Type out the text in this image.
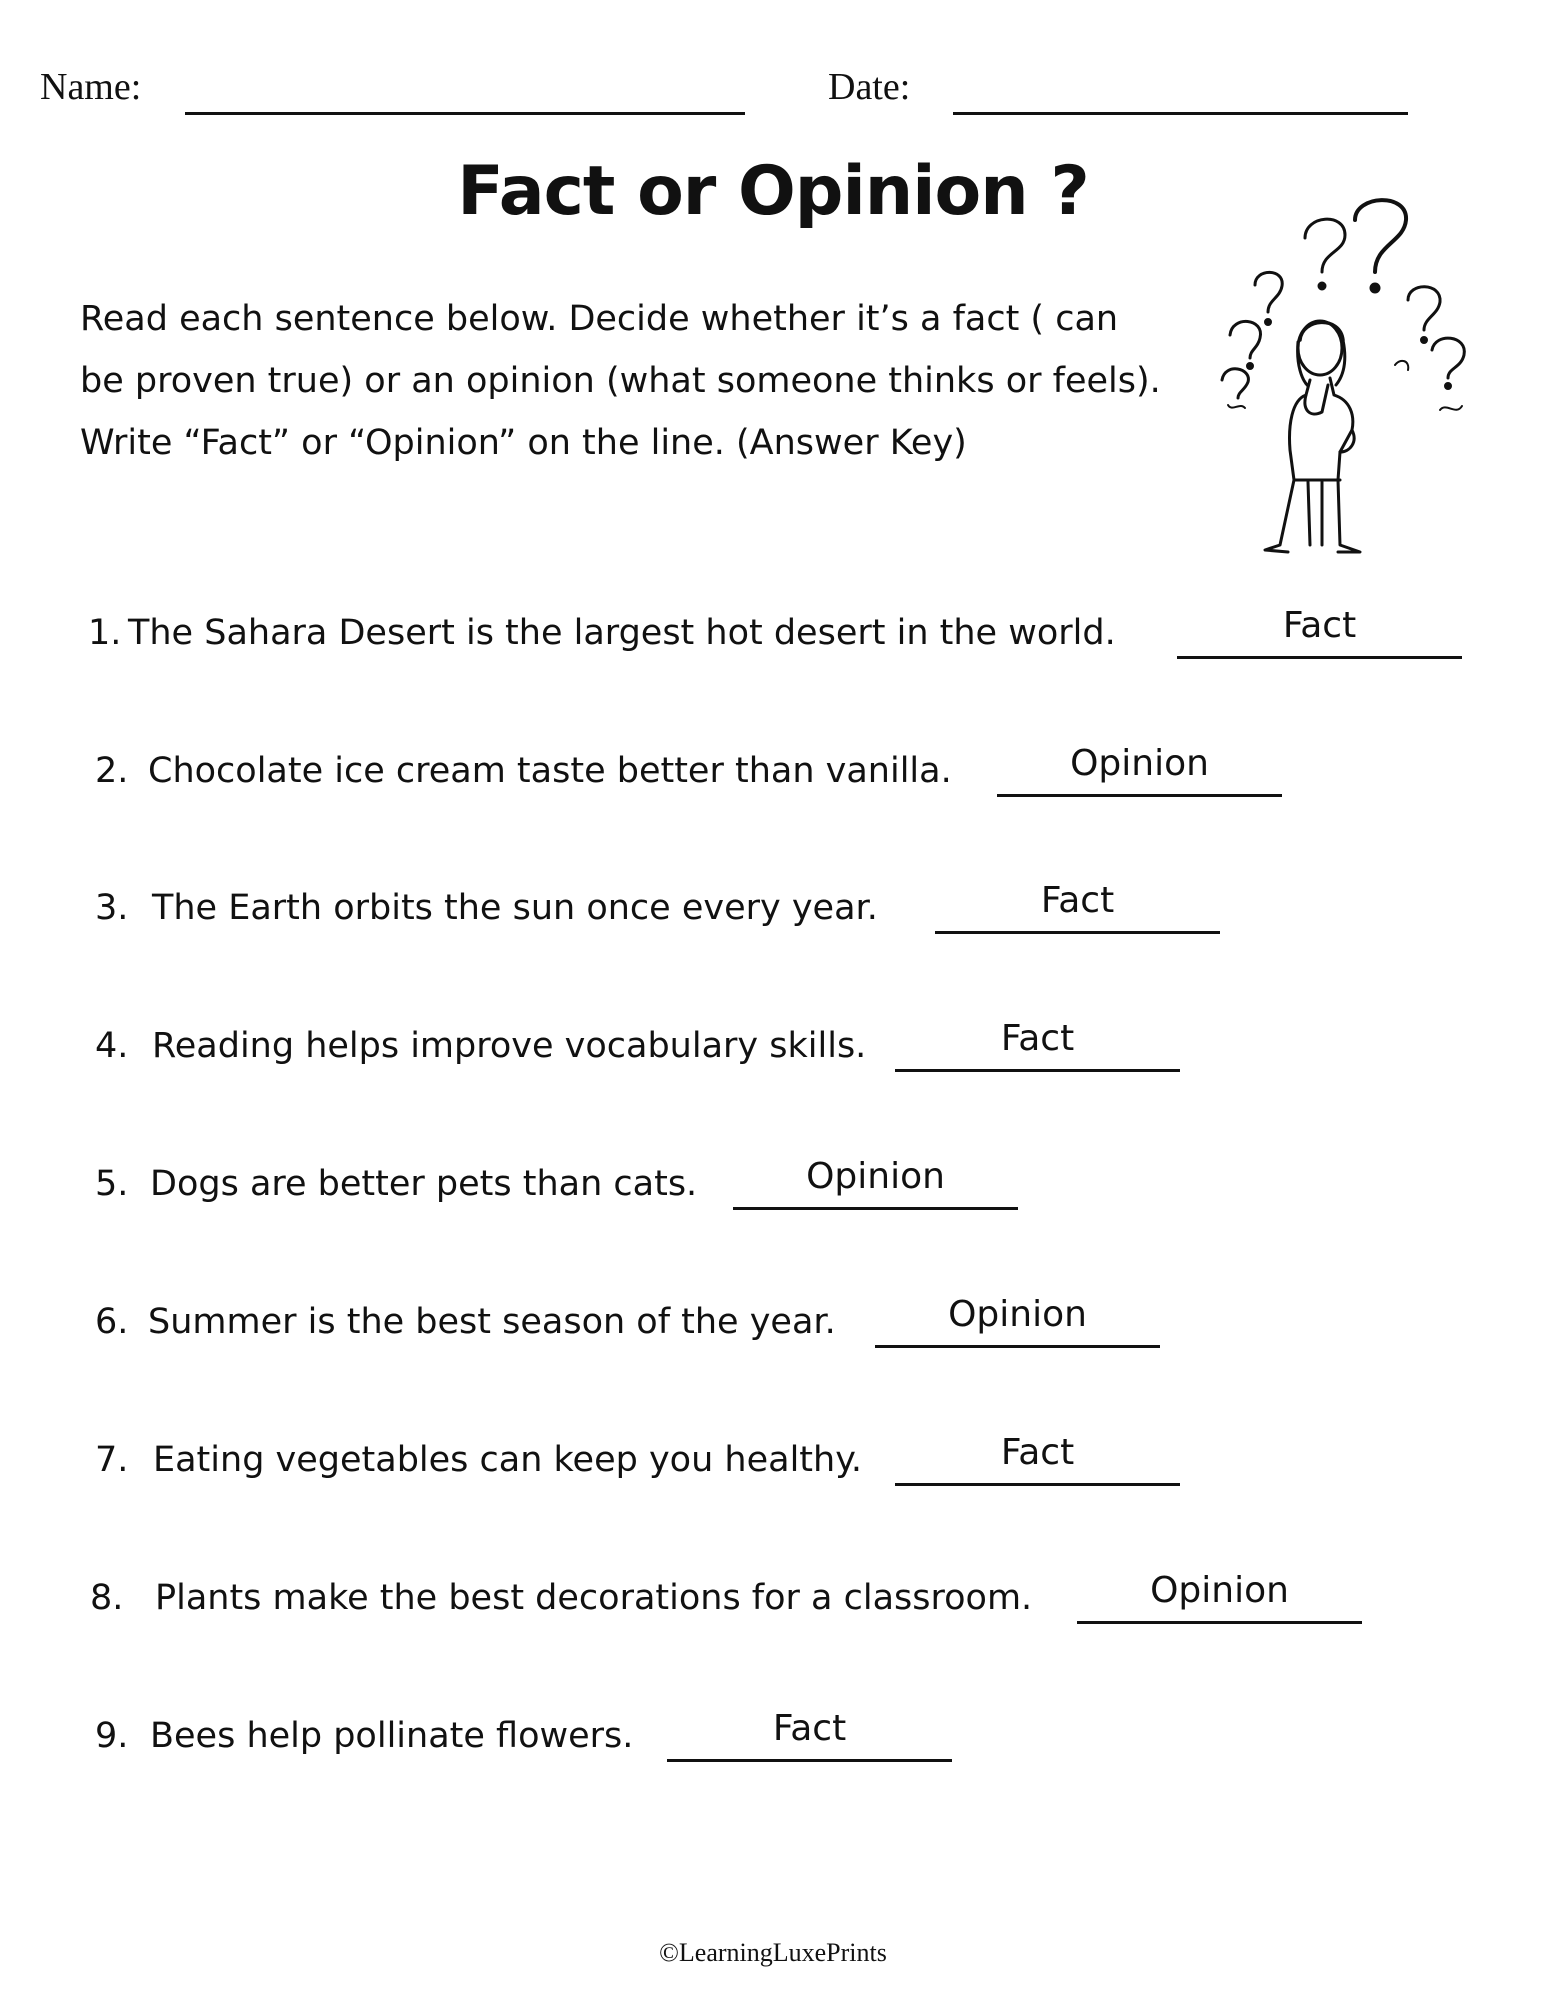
Name:	Date:
Fact or Opinion ?

Read each sentence below. Decide whether it’s a fact ( can

be proven true) or an opinion (what someone thinks or feels).

Write “Fact” or “Opinion” on the line. (Answer Key)

1. The Sahara Desert is the largest hot desert in the world.	Fact
2. Chocolate ice cream taste better than vanilla.	Opinion
3. The Earth orbits the sun once every year.	Fact
4. Reading helps improve vocabulary skills.	Fact
5. Dogs are better pets than cats.	Opinion
6. Summer is the best season of the year.	Opinion
7. Eating vegetables can keep you healthy.	Fact
8. Plants make the best decorations for a classroom.	Opinion
9. Bees help pollinate flowers.	Fact
©LearningLuxePrints
